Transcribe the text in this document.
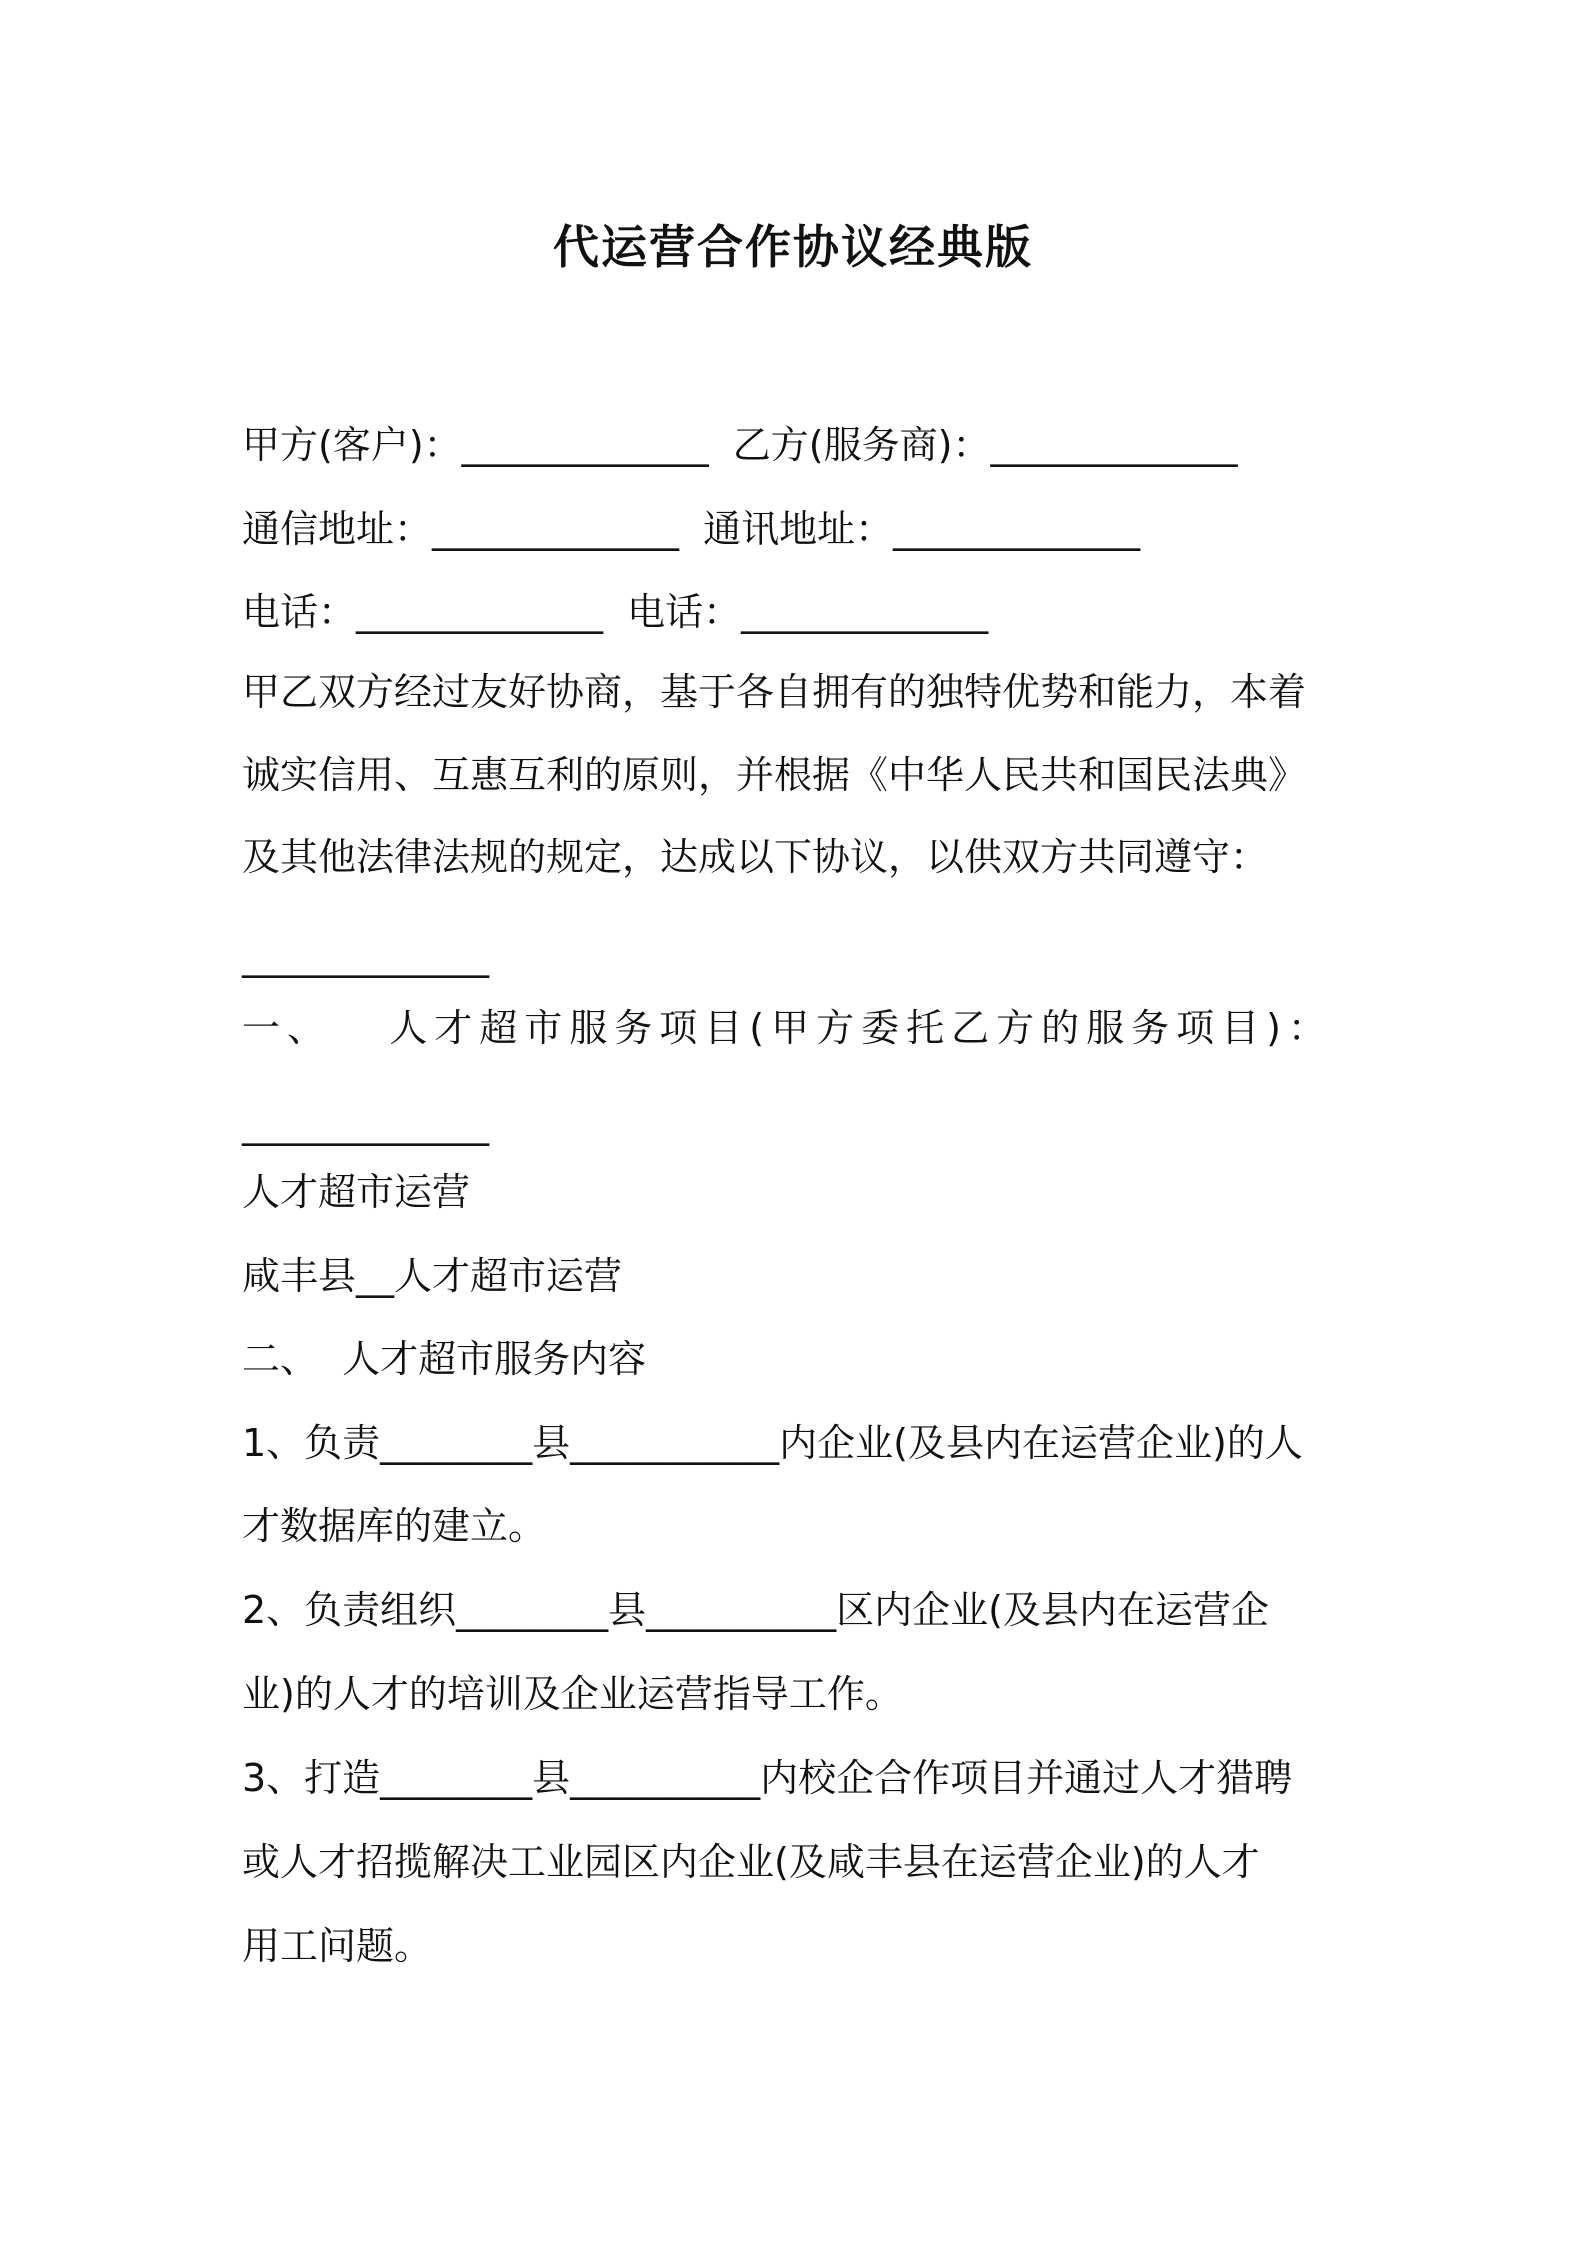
代运营合作协议经典版
甲方(客户)：_____________  乙方(服务商)：_____________
通信地址：_____________  通讯地址：_____________
电话：_____________  电话：_____________
甲乙双方经过友好协商，基于各自拥有的独特优势和能力，本着
诚实信用、互惠互利的原则，并根据《中华人民共和国民法典》
及其他法律法规的规定，达成以下协议，以供双方共同遵守：
_____________
一、   人才超市服务项目(甲方委托乙方的服务项目)：
_____________
人才超市运营
咸丰县__人才超市运营
二、  人才超市服务内容
1、负责________县___________内企业(及县内在运营企业)的人
才数据库的建立。
2、负责组织________县__________区内企业(及县内在运营企
业)的人才的培训及企业运营指导工作。
3、打造________县__________内校企合作项目并通过人才猎聘
或人才招揽解决工业园区内企业(及咸丰县在运营企业)的人才
用工问题。
